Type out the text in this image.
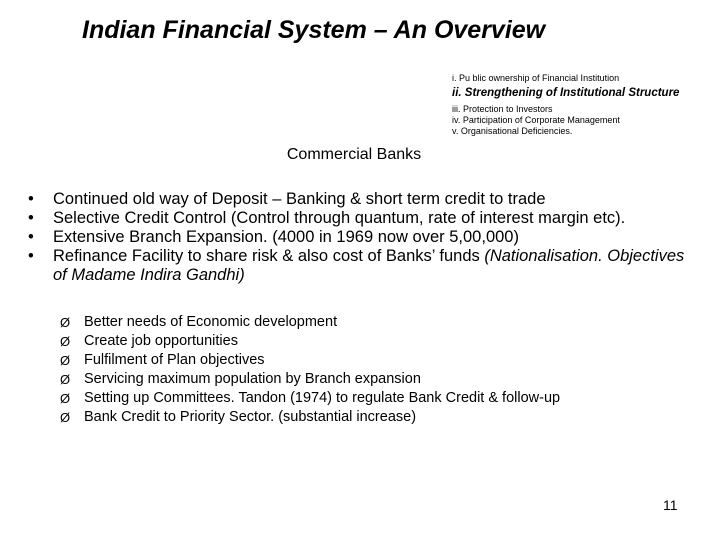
Indian Financial System – An Overview
i. Pu blic ownership of Financial Institution
ii. Strengthening of Institutional Structure
iii. Protection to Investors
iv. Participation of Corporate Management
v. Organisational Deficiencies.
Commercial Banks
•	Continued old way of Deposit – Banking & short term credit to trade
•	Selective Credit Control (Control through quantum, rate of interest margin etc).
•	Extensive Branch Expansion. (4000 in 1969 now over 5,00,000)
•	Refinance Facility to share risk & also cost of Banks’ funds (Nationalisation. Objectives of Madame Indira Gandhi)
Ø Better needs of Economic development
Ø Create job opportunities
Ø Fulfilment of Plan objectives
Ø Servicing maximum population by Branch expansion
Ø Setting up Committees. Tandon (1974) to regulate Bank Credit & follow-up
Ø Bank Credit to Priority Sector. (substantial increase)
11
